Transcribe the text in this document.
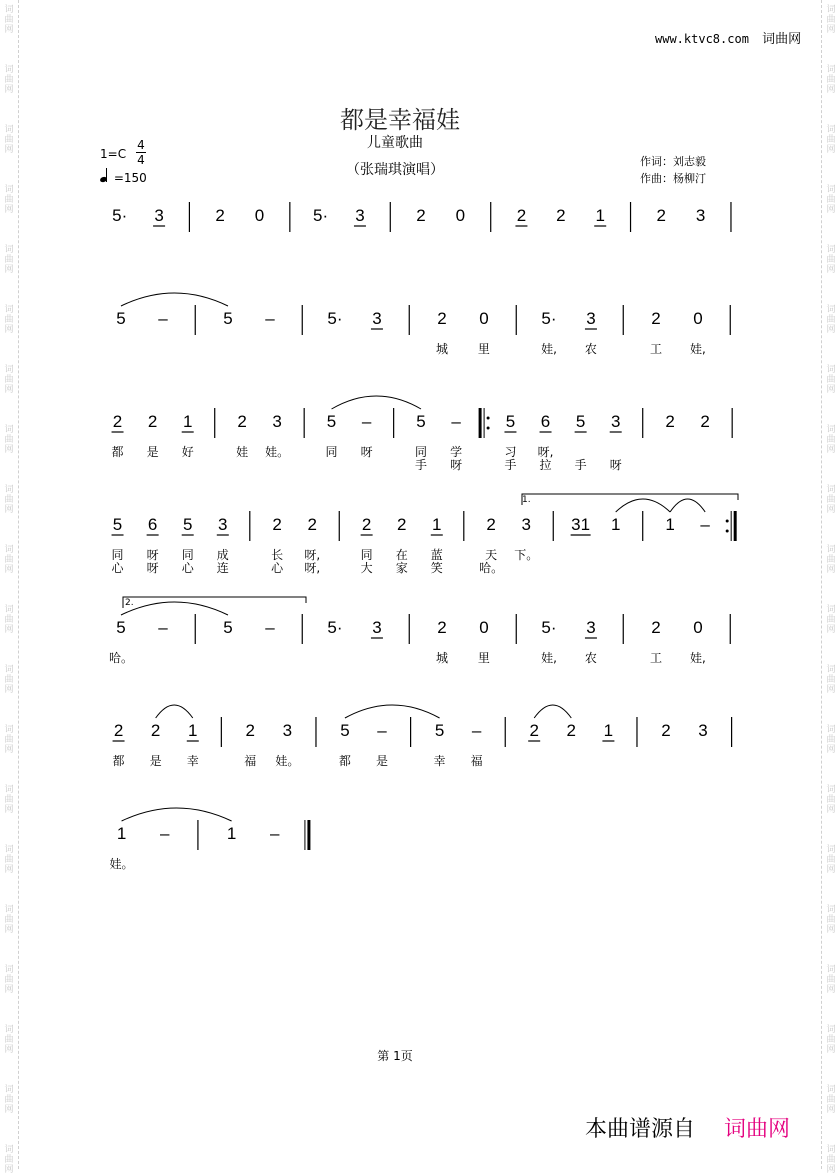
词
曲
网
词
曲
网
词
曲
网
词
曲
网
词
曲
网
词
曲
网
词
曲
网
词
曲
网
词
曲
网
词
曲
网
词
曲
网
词
曲
网
词
曲
网
词
曲
网
词
曲
网
词
曲
网
词
曲
网
词
曲
网
词
曲
网
词
曲
网
词
曲
网
词
曲
网
词
曲
网
词
曲
网
词
曲
网
词
曲
网
词
曲
网
词
曲
网
词
曲
网
词
曲
网
词
曲
网
词
曲
网
词
曲
网
词
曲
网
词
曲
网
词
曲
网
词
曲
网
词
曲
网
词
曲
网
词
曲
网
www.ktvc8.com 词曲网
都是幸福娃
儿童歌曲
（张瑞琪演唱）
作词：刘志毅
作曲：杨柳汀
1=C
4
4
=150
5· 3	2 0	5· 3	2 0	2 2 1	2 3
5 –	5 –	5· 3	2 0	5· 3	2 0
城 里	娃, 农	工 娃,
2 2 1	2 3	5 –	5 –	5 6 5 3	2 2
都 是 好	娃 娃。	同 呀	同 学	习 呀,
手 呀	手 拉 手 呀
5 6 5 3	2 2	2 2 1	2 3 31 1	1 –
同 呀 同 成	长 呀,	同 在 蓝	天 下。
心 呀 心 连	心 呀,	大 家 笑	哈。
5 –	5 –	5· 3	2 0	5· 3	2 0
哈。	城 里	娃, 农	工 娃,
2 2 1	2 3	5 –	5 –	2 2 1	2 3
都 是 幸	福 娃。	都 是	幸 福
1 –	1 –
娃。
1.
2.
第 1页
本曲谱源自 词曲网
